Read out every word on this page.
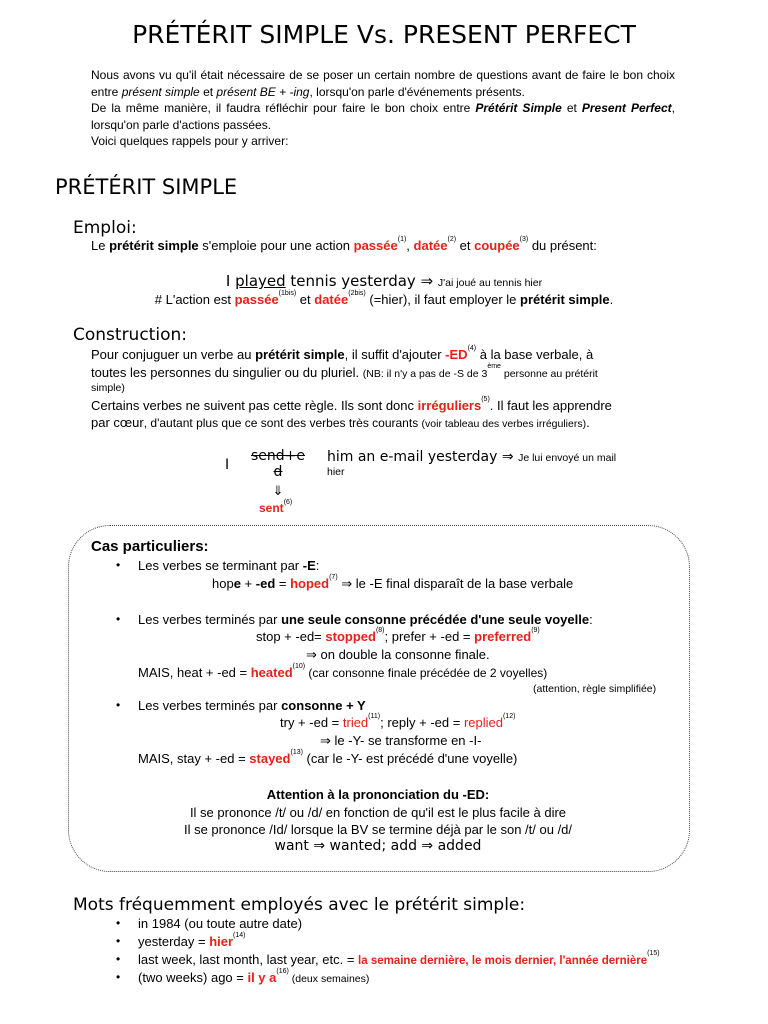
PRÉTÉRIT SIMPLE Vs. PRESENT PERFECT

Nous avons vu qu'il était nécessaire de se poser un certain nombre de questions avant de faire le bon choix entre présent simple et présent BE + -ing, lorsqu'on parle d'événements présents.

De la même manière, il faudra réfléchir pour faire le bon choix entre Prétérit Simple et Present Perfect, lorsqu'on parle d'actions passées.

Voici quelques rappels pour y arriver:

PRÉTÉRIT SIMPLE
Emploi:
Le prétérit simple s'emploie pour une action passée$^{(1)}$, datée$^{(2)}$ et coupée$^{(3)}$ du présent:
I played tennis yesterday ⇒ J'ai joué au tennis hier
# L'action est passée$^{(1bis)}$ et datée$^{(2bis)}$ (=hier), il faut employer le prétérit simple.
Construction:
Pour conjuguer un verbe au prétérit simple, il suffit d'ajouter -ED$^{(4)}$ à la base verbale, à
toutes les personnes du singulier ou du pluriel. (NB: il n'y a pas de -S de 3ème personne au prétérit
simple)
Certains verbes ne suivent pas cette règle. Ils sont donc irréguliers$^{(5)}$. Il faut les apprendre
par cœur, d'autant plus que ce sont des verbes très courants (voir tableau des verbes irréguliers).
I
send+e
d
him an e-mail yesterday ⇒ Je lui envoyé un mail
hier
⇓
sent$^{(6)}$
Cas particuliers:
• Les verbes se terminant par -E:
hope + -ed = hoped$^{(7)}$ ⇒ le -E final disparaît de la base verbale
• Les verbes terminés par une seule consonne précédée d'une seule voyelle:
stop + -ed= stopped$^{(8)}$; prefer + -ed = preferred$^{(9)}$
⇒ on double la consonne finale.
MAIS, heat + -ed = heated$^{(10)}$ (car consonne finale précédée de 2 voyelles)
(attention, règle simplifiée)
• Les verbes terminés par consonne + Y
try + -ed = tried$^{(11)}$; reply + -ed = replied$^{(12)}$
⇒ le -Y- se transforme en -I-
MAIS, stay + -ed = stayed$^{(13)}$ (car le -Y- est précédé d'une voyelle)
Attention à la prononciation du -ED:
Il se prononce /t/ ou /d/ en fonction de qu'il est le plus facile à dire
Il se prononce /Id/ lorsque la BV se termine déjà par le son /t/ ou /d/
want ⇒ wanted; add ⇒ added
Mots fréquemment employés avec le prétérit simple:
• in 1984 (ou toute autre date)
• yesterday = hier$^{(14)}$
• last week, last month, last year, etc. = la semaine dernière, le mois dernier, l'année dernière$^{(15)}$
• (two weeks) ago = il y $a^{(16)}$ (deux semaines)
